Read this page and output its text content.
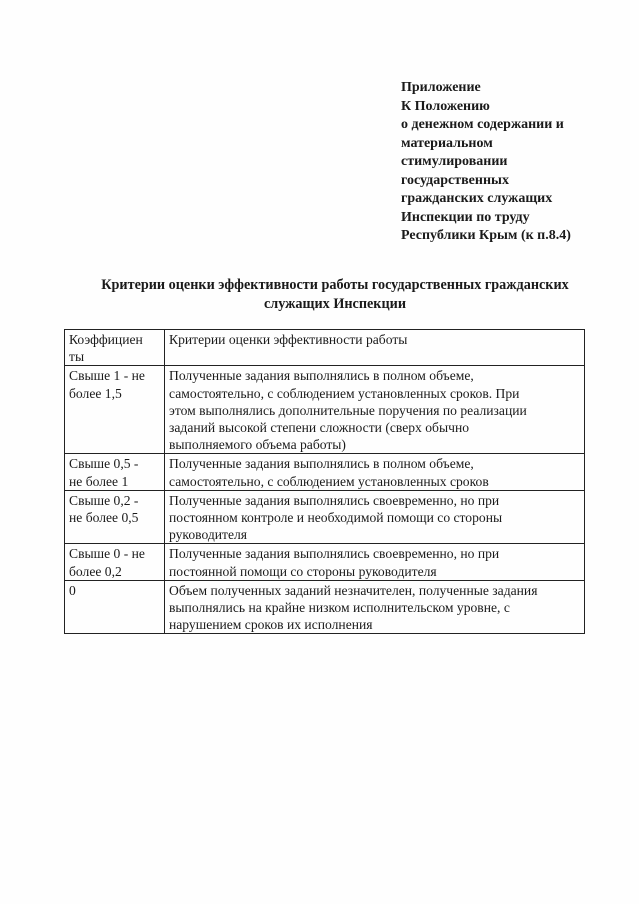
Приложение
К Положению
о денежном содержании и
материальном
стимулировании
государственных
гражданских служащих
Инспекции по труду
Республики Крым (к п.8.4)
Критерии оценки эффективности работы государственных гражданских
служащих Инспекции
Коэффициен
ты	Критерии оценки эффективности работы

Свыше 1 - не
более 1,5	Полученные задания выполнялись в полном объеме,
самостоятельно, с соблюдением установленных сроков. При
этом выполнялись дополнительные поручения по реализации
заданий высокой степени сложности (сверх обычно
выполняемого объема работы)

Свыше 0,5 -
не более 1	Полученные задания выполнялись в полном объеме,
самостоятельно, с соблюдением установленных сроков

Свыше 0,2 -
не более 0,5	Полученные задания выполнялись своевременно, но при
постоянном контроле и необходимой помощи со стороны
руководителя

Свыше 0 - не
более 0,2	Полученные задания выполнялись своевременно, но при
постоянной помощи со стороны руководителя

0	Объем полученных заданий незначителен, полученные задания
выполнялись на крайне низком исполнительском уровне, с
нарушением сроков их исполнения
